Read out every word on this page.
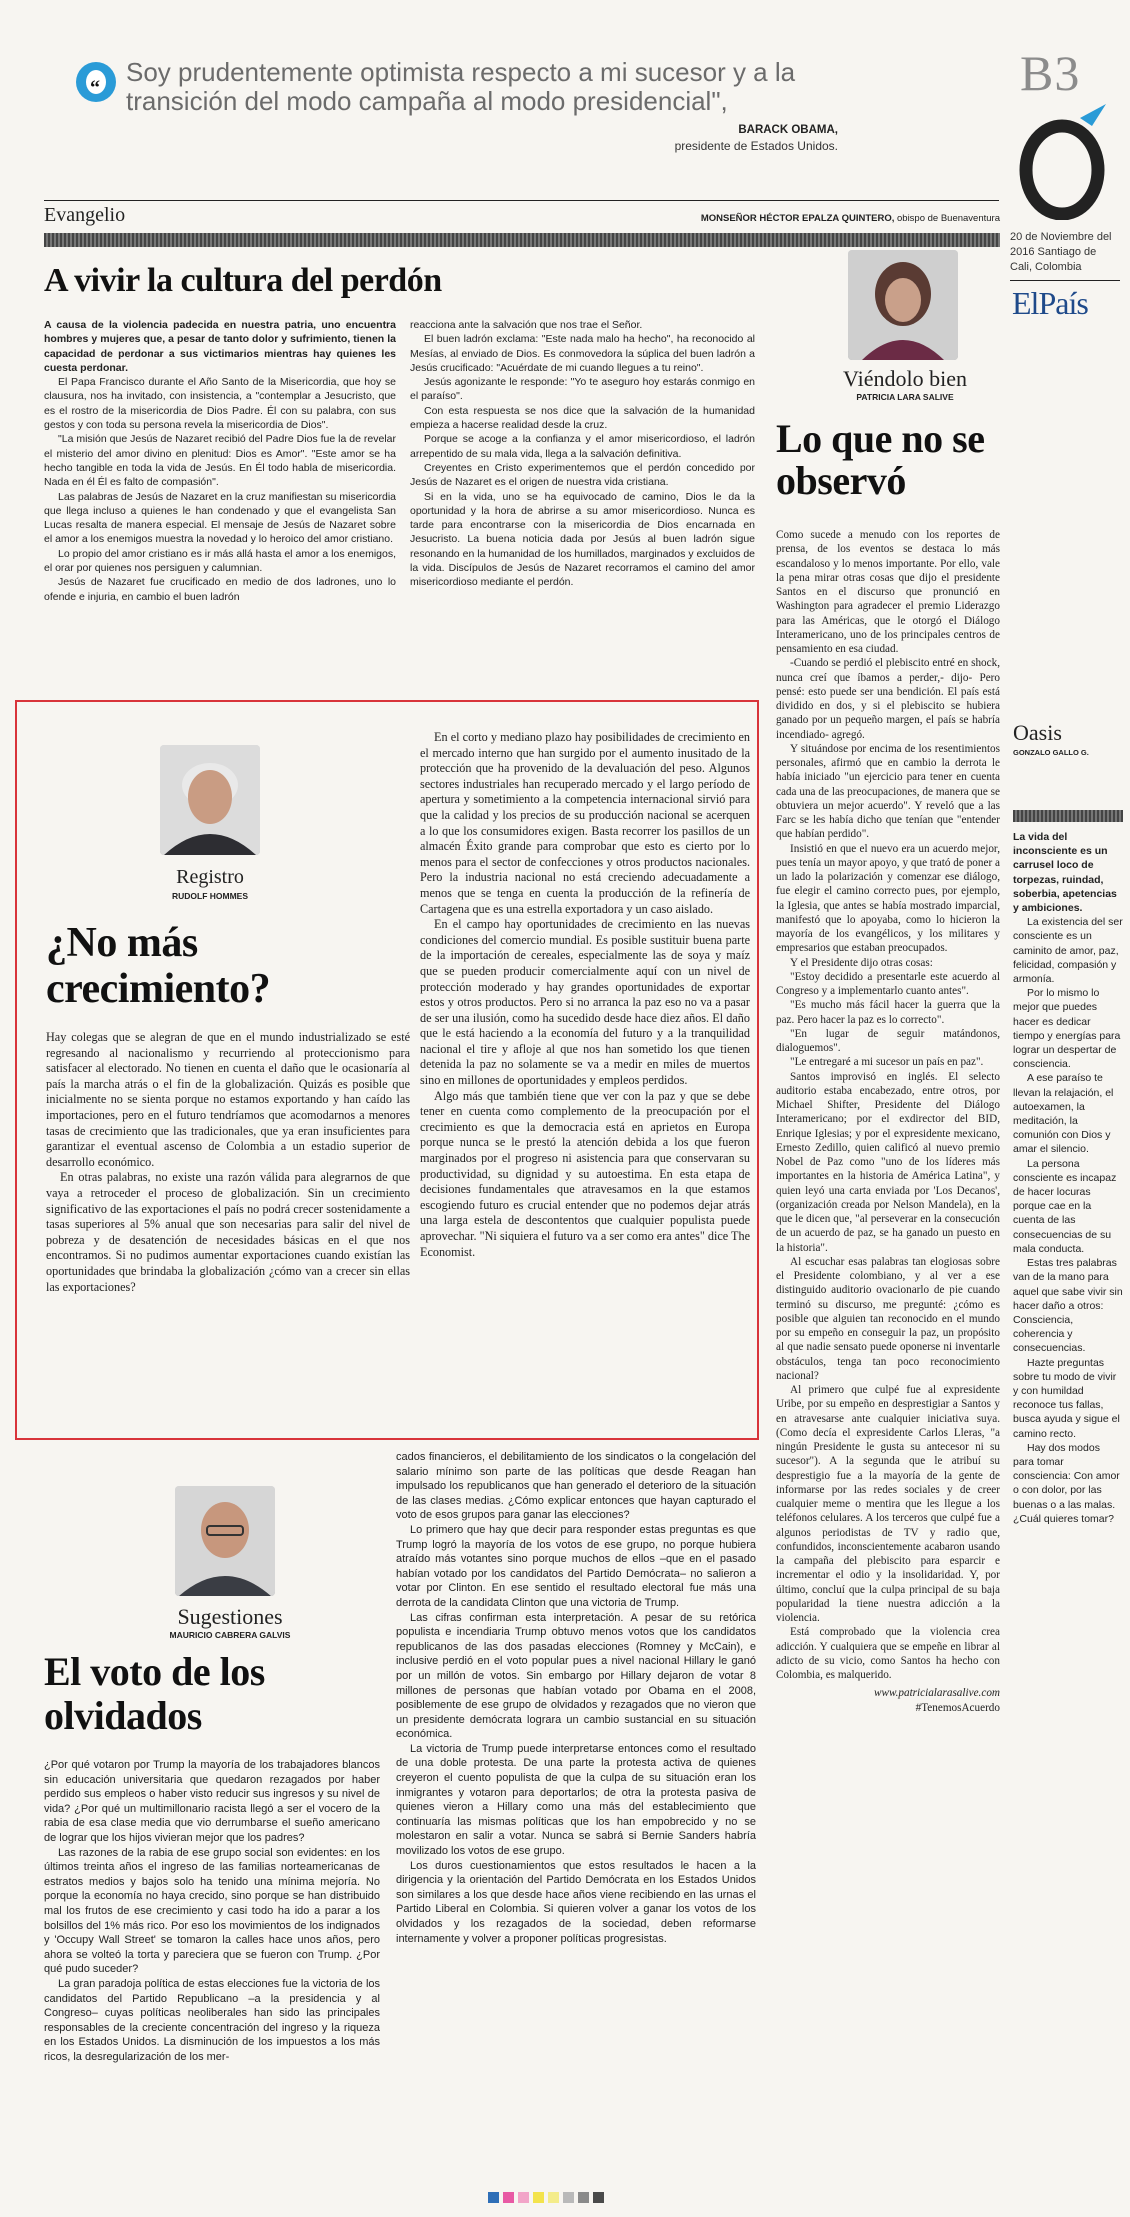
“
Soy prudentemente optimista respecto a mi sucesor y a la transición del modo campaña al modo presidencial",
BARACK OBAMA,
presidente de Estados Unidos.
B3
20 de Noviembre del 2016 Santiago de Cali, Colombia
ElPaís
Evangelio	MONSEÑOR HÉCTOR EPALZA QUINTERO, obispo de Buenaventura
A vivir la cultura del perdón

A causa de la violencia padecida en nuestra patria, uno encuentra hombres y mujeres que, a pesar de tanto dolor y sufrimiento, tienen la capacidad de perdonar a sus victimarios mientras hay quienes les cuesta perdonar.

El Papa Francisco durante el Año Santo de la Misericordia, que hoy se clausura, nos ha invitado, con insistencia, a "contemplar a Jesucristo, que es el rostro de la misericordia de Dios Padre. Él con su palabra, con sus gestos y con toda su persona revela la misericordia de Dios".

"La misión que Jesús de Nazaret recibió del Padre Dios fue la de revelar el misterio del amor divino en plenitud: Dios es Amor". "Este amor se ha hecho tangible en toda la vida de Jesús. En Él todo habla de misericordia. Nada en él Él es falto de compasión".

Las palabras de Jesús de Nazaret en la cruz manifiestan su misericordia que llega incluso a quienes le han condenado y que el evangelista San Lucas resalta de manera especial. El mensaje de Jesús de Nazaret sobre el amor a los enemigos muestra la novedad y lo heroico del amor cristiano.

Lo propio del amor cristiano es ir más allá hasta el amor a los enemigos, el orar por quienes nos persiguen y calumnian.

Jesús de Nazaret fue crucificado en medio de dos ladrones, uno lo ofende e injuria, en cambio el buen ladrón

reacciona ante la salvación que nos trae el Señor.

El buen ladrón exclama: "Este nada malo ha hecho", ha reconocido al Mesías, al enviado de Dios. Es conmovedora la súplica del buen ladrón a Jesús crucificado: "Acuérdate de mi cuando llegues a tu reino".

Jesús agonizante le responde: "Yo te aseguro hoy estarás conmigo en el paraíso".

Con esta respuesta se nos dice que la salvación de la humanidad empieza a hacerse realidad desde la cruz.

Porque se acoge a la confianza y el amor misericordioso, el ladrón arrepentido de su mala vida, llega a la salvación definitiva.

Creyentes en Cristo experimentemos que el perdón concedido por Jesús de Nazaret es el origen de nuestra vida cristiana.

Si en la vida, uno se ha equivocado de camino, Dios le da la oportunidad y la hora de abrirse a su amor misericordioso. Nunca es tarde para encontrarse con la misericordia de Dios encarnada en Jesucristo. La buena noticia dada por Jesús al buen ladrón sigue resonando en la humanidad de los humillados, marginados y excluidos de la vida. Discípulos de Jesús de Nazaret recorramos el camino del amor misericordioso mediante el perdón.

Viéndolo bien
PATRICIA LARA SALIVE
Lo que no se observó

Como sucede a menudo con los reportes de prensa, de los eventos se destaca lo más escandaloso y lo menos importante. Por ello, vale la pena mirar otras cosas que dijo el presidente Santos en el discurso que pronunció en Washington para agradecer el premio Liderazgo para las Américas, que le otorgó el Diálogo Interamericano, uno de los principales centros de pensamiento en esa ciudad.

-Cuando se perdió el plebiscito entré en shock, nunca creí que íbamos a perder,- dijo- Pero pensé: esto puede ser una bendición. El país está dividido en dos, y si el plebiscito se hubiera ganado por un pequeño margen, el país se habría incendiado- agregó.

Y situándose por encima de los resentimientos personales, afirmó que en cambio la derrota le había iniciado "un ejercicio para tener en cuenta cada una de las preocupaciones, de manera que se obtuviera un mejor acuerdo". Y reveló que a las Farc se les había dicho que tenían que "entender que habían perdido".

Insistió en que el nuevo era un acuerdo mejor, pues tenía un mayor apoyo, y que trató de poner a un lado la polarización y comenzar ese diálogo, fue elegir el camino correcto pues, por ejemplo, la Iglesia, que antes se había mostrado imparcial, manifestó que lo apoyaba, como lo hicieron la mayoría de los evangélicos, y los militares y empresarios que estaban preocupados.

Y el Presidente dijo otras cosas:

"Estoy decidido a presentarle este acuerdo al Congreso y a implementarlo cuanto antes".

"Es mucho más fácil hacer la guerra que la paz. Pero hacer la paz es lo correcto".

"En lugar de seguir matándonos, dialoguemos".

"Le entregaré a mi sucesor un país en paz".

Santos improvisó en inglés. El selecto auditorio estaba encabezado, entre otros, por Michael Shifter, Presidente del Diálogo Interamericano; por el exdirector del BID, Enrique Iglesias; y por el expresidente mexicano, Ernesto Zedillo, quien calificó al nuevo premio Nobel de Paz como "uno de los líderes más importantes en la historia de América Latina", y quien leyó una carta enviada por 'Los Decanos', (organización creada por Nelson Mandela), en la que le dicen que, "al perseverar en la consecución de un acuerdo de paz, se ha ganado un puesto en la historia".

Al escuchar esas palabras tan elogiosas sobre el Presidente colombiano, y al ver a ese distinguido auditorio ovacionarlo de pie cuando terminó su discurso, me pregunté: ¿cómo es posible que alguien tan reconocido en el mundo por su empeño en conseguir la paz, un propósito al que nadie sensato puede oponerse ni inventarle obstáculos, tenga tan poco reconocimiento nacional?

Al primero que culpé fue al expresidente Uribe, por su empeño en desprestigiar a Santos y en atravesarse ante cualquier iniciativa suya. (Como decía el expresidente Carlos Lleras, "a ningún Presidente le gusta su antecesor ni su sucesor"). A la segunda que le atribuí su desprestigio fue a la mayoría de la gente de informarse por las redes sociales y de creer cualquier meme o mentira que les llegue a los teléfonos celulares. A los terceros que culpé fue a algunos periodistas de TV y radio que, confundidos, inconscientemente acabaron usando la campaña del plebiscito para esparcir e incrementar el odio y la insolidaridad. Y, por último, concluí que la culpa principal de su baja popularidad la tiene nuestra adicción a la violencia.

Está comprobado que la violencia crea adicción. Y cualquiera que se empeñe en librar al adicto de su vicio, como Santos ha hecho con Colombia, es malquerido.

www.patricialarasalive.com

#TenemosAcuerdo

Oasis
GONZALO GALLO G.

La vida del inconsciente es un carrusel loco de torpezas, ruindad, soberbia, apetencias y ambiciones.

La existencia del ser consciente es un caminito de amor, paz, felicidad, compasión y armonía.

Por lo mismo lo mejor que puedes hacer es dedicar tiempo y energías para lograr un despertar de consciencia.

A ese paraíso te llevan la relajación, el autoexamen, la meditación, la comunión con Dios y amar el silencio.

La persona consciente es incapaz de hacer locuras porque cae en la cuenta de las consecuencias de su mala conducta.

Estas tres palabras van de la mano para aquel que sabe vivir sin hacer daño a otros: Consciencia, coherencia y consecuencias.

Hazte preguntas sobre tu modo de vivir y con humildad reconoce tus fallas, busca ayuda y sigue el camino recto.

Hay dos modos para tomar consciencia: Con amor o con dolor, por las buenas o a las malas. ¿Cuál quieres tomar?

Registro
RUDOLF HOMMES
¿No más crecimiento?

Hay colegas que se alegran de que en el mundo industrializado se esté regresando al nacionalismo y recurriendo al proteccionismo para satisfacer al electorado. No tienen en cuenta el daño que le ocasionaría al país la marcha atrás o el fin de la globalización. Quizás es posible que inicialmente no se sienta porque no estamos exportando y han caído las importaciones, pero en el futuro tendríamos que acomodarnos a menores tasas de crecimiento que las tradicionales, que ya eran insuficientes para garantizar el eventual ascenso de Colombia a un estadio superior de desarrollo económico.

En otras palabras, no existe una razón válida para alegrarnos de que vaya a retroceder el proceso de globalización. Sin un crecimiento significativo de las exportaciones el país no podrá crecer sostenidamente a tasas superiores al 5% anual que son necesarias para salir del nivel de pobreza y de desatención de necesidades básicas en el que nos encontramos. Si no pudimos aumentar exportaciones cuando existían las oportunidades que brindaba la globalización ¿cómo van a crecer sin ellas las exportaciones?

En el corto y mediano plazo hay posibilidades de crecimiento en el mercado interno que han surgido por el aumento inusitado de la protección que ha provenido de la devaluación del peso. Algunos sectores industriales han recuperado mercado y el largo período de apertura y sometimiento a la competencia internacional sirvió para que la calidad y los precios de su producción nacional se acerquen a lo que los consumidores exigen. Basta recorrer los pasillos de un almacén Éxito grande para comprobar que esto es cierto por lo menos para el sector de confecciones y otros productos nacionales. Pero la industria nacional no está creciendo adecuadamente a menos que se tenga en cuenta la producción de la refinería de Cartagena que es una estrella exportadora y un caso aislado.

En el campo hay oportunidades de crecimiento en las nuevas condiciones del comercio mundial. Es posible sustituir buena parte de la importación de cereales, especialmente las de soya y maíz que se pueden producir comercialmente aquí con un nivel de protección moderado y hay grandes oportunidades de exportar estos y otros productos. Pero si no arranca la paz eso no va a pasar de ser una ilusión, como ha sucedido desde hace diez años. El daño que le está haciendo a la economía del futuro y a la tranquilidad nacional el tire y afloje al que nos han sometido los que tienen detenida la paz no solamente se va a medir en miles de muertos sino en millones de oportunidades y empleos perdidos.

Algo más que también tiene que ver con la paz y que se debe tener en cuenta como complemento de la preocupación por el crecimiento es que la democracia está en aprietos en Europa porque nunca se le prestó la atención debida a los que fueron marginados por el progreso ni asistencia para que conservaran su productividad, su dignidad y su autoestima. En esta etapa de decisiones fundamentales que atravesamos en la que estamos escogiendo futuro es crucial entender que no podemos dejar atrás una larga estela de descontentos que cualquier populista puede aprovechar. "Ni siquiera el futuro va a ser como era antes" dice The Economist.

Sugestiones
MAURICIO CABRERA GALVIS
El voto de los olvidados

¿Por qué votaron por Trump la mayoría de los trabajadores blancos sin educación universitaria que quedaron rezagados por haber perdido sus empleos o haber visto reducir sus ingresos y su nivel de vida? ¿Por qué un multimillonario racista llegó a ser el vocero de la rabia de esa clase media que vio derrumbarse el sueño americano de lograr que los hijos vivieran mejor que los padres?

Las razones de la rabia de ese grupo social son evidentes: en los últimos treinta años el ingreso de las familias norteamericanas de estratos medios y bajos solo ha tenido una mínima mejoría. No porque la economía no haya crecido, sino porque se han distribuido mal los frutos de ese crecimiento y casi todo ha ido a parar a los bolsillos del 1% más rico. Por eso los movimientos de los indignados y 'Occupy Wall Street' se tomaron la calles hace unos años, pero ahora se volteó la torta y pareciera que se fueron con Trump. ¿Por qué pudo suceder?

La gran paradoja política de estas elecciones fue la victoria de los candidatos del Partido Republicano –a la presidencia y al Congreso– cuyas políticas neoliberales han sido las principales responsables de la creciente concentración del ingreso y la riqueza en los Estados Unidos. La disminución de los impuestos a los más ricos, la desregularización de los mer-

cados financieros, el debilitamiento de los sindicatos o la congelación del salario mínimo son parte de las políticas que desde Reagan han impulsado los republicanos que han generado el deterioro de la situación de las clases medias. ¿Cómo explicar entonces que hayan capturado el voto de esos grupos para ganar las elecciones?

Lo primero que hay que decir para responder estas preguntas es que Trump logró la mayoría de los votos de ese grupo, no porque hubiera atraído más votantes sino porque muchos de ellos –que en el pasado habían votado por los candidatos del Partido Demócrata– no salieron a votar por Clinton. En ese sentido el resultado electoral fue más una derrota de la candidata Clinton que una victoria de Trump.

Las cifras confirman esta interpretación. A pesar de su retórica populista e incendiaria Trump obtuvo menos votos que los candidatos republicanos de las dos pasadas elecciones (Romney y McCain), e inclusive perdió en el voto popular pues a nivel nacional Hillary le ganó por un millón de votos. Sin embargo por Hillary dejaron de votar 8 millones de personas que habían votado por Obama en el 2008, posiblemente de ese grupo de olvidados y rezagados que no vieron que un presidente demócrata lograra un cambio sustancial en su situación económica.

La victoria de Trump puede interpretarse entonces como el resultado de una doble protesta. De una parte la protesta activa de quienes creyeron el cuento populista de que la culpa de su situación eran los inmigrantes y votaron para deportarlos; de otra la protesta pasiva de quienes vieron a Hillary como una más del establecimiento que continuaría las mismas políticas que los han empobrecido y no se molestaron en salir a votar. Nunca se sabrá si Bernie Sanders habría movilizado los votos de ese grupo.

Los duros cuestionamientos que estos resultados le hacen a la dirigencia y la orientación del Partido Demócrata en los Estados Unidos son similares a los que desde hace años viene recibiendo en las urnas el Partido Liberal en Colombia. Si quieren volver a ganar los votos de los olvidados y los rezagados de la sociedad, deben reformarse internamente y volver a proponer políticas progresistas.
